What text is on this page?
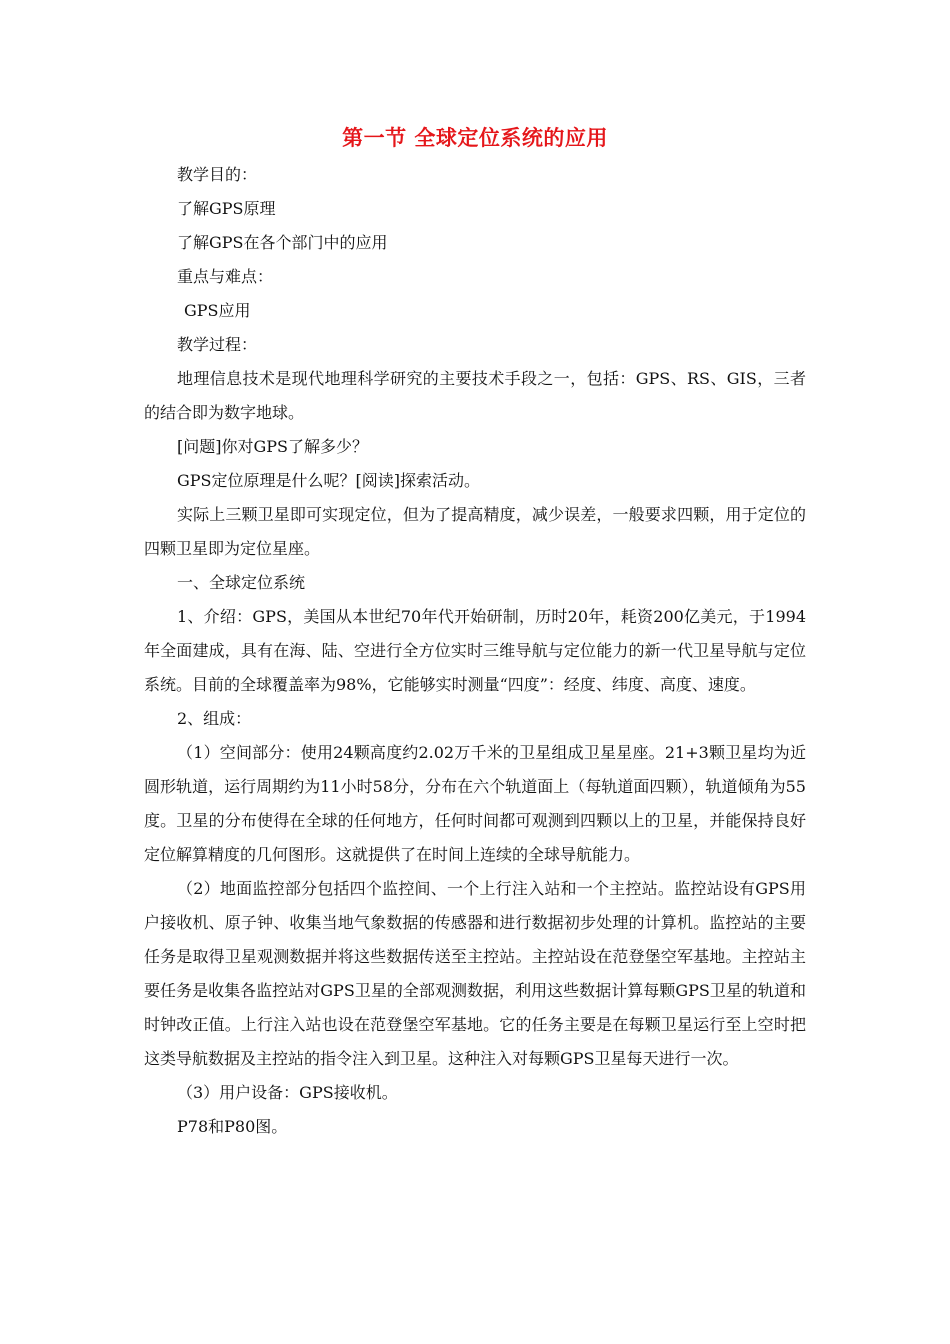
第一节 全球定位系统的应用

教学目的：

了解GPS原理

了解GPS在各个部门中的应用

重点与难点：

GPS应用

教学过程：

地理信息技术是现代地理科学研究的主要技术手段之一，包括：GPS、RS、GIS，三者的结合即为数字地球。

[问题]你对GPS了解多少？

GPS定位原理是什么呢？[阅读]探索活动。

实际上三颗卫星即可实现定位，但为了提高精度，减少误差，一般要求四颗，用于定位的四颗卫星即为定位星座。

一、全球定位系统

1、介绍：GPS，美国从本世纪70年代开始研制，历时20年，耗资200亿美元，于1994年全面建成，具有在海、陆、空进行全方位实时三维导航与定位能力的新一代卫星导航与定位系统。目前的全球覆盖率为98%，它能够实时测量“四度”：经度、纬度、高度、速度。

2、组成：

（1）空间部分：使用24颗高度约2.02万千米的卫星组成卫星星座。21+3颗卫星均为近圆形轨道，运行周期约为11小时58分，分布在六个轨道面上（每轨道面四颗），轨道倾角为55度。卫星的分布使得在全球的任何地方，任何时间都可观测到四颗以上的卫星，并能保持良好定位解算精度的几何图形。这就提供了在时间上连续的全球导航能力。

（2）地面监控部分包括四个监控间、一个上行注入站和一个主控站。监控站设有GPS用户接收机、原子钟、收集当地气象数据的传感器和进行数据初步处理的计算机。监控站的主要任务是取得卫星观测数据并将这些数据传送至主控站。主控站设在范登堡空军基地。主控站主要任务是收集各监控站对GPS卫星的全部观测数据，利用这些数据计算每颗GPS卫星的轨道和时钟改正值。上行注入站也设在范登堡空军基地。它的任务主要是在每颗卫星运行至上空时把这类导航数据及主控站的指令注入到卫星。这种注入对每颗GPS卫星每天进行一次。

（3）用户设备：GPS接收机。

P78和P80图。
